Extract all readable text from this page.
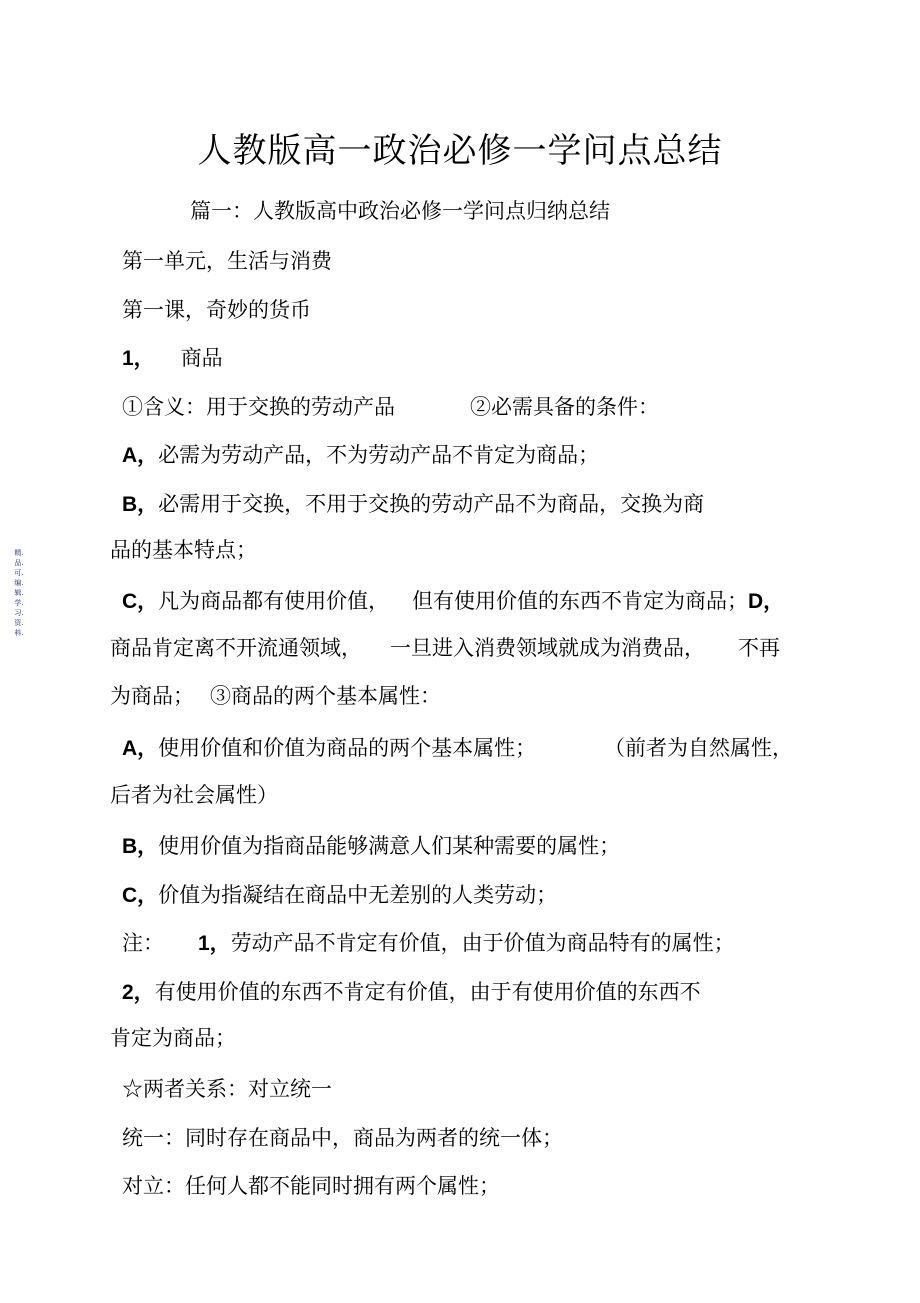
精.品.可.编.辑.学.习.资.料.
人教版高一政治必修一学问点总结
篇一：人教版高中政治必修一学问点归纳总结
第一单元，生活与消费
第一课，奇妙的货币
1， 商品
①含义：用于交换的劳动产品	②必需具备的条件：
A，必需为劳动产品，不为劳动产品不肯定为商品；
B，必需用于交换，不用于交换的劳动产品不为商品，交换为商
品的基本特点；
C，凡为商品都有使用价值， 但有使用价值的东西不肯定为商品；D，
商品肯定离不开流通领域， 一旦进入消费领域就成为消费品， 不再
为商品； ③商品的两个基本属性：
A，使用价值和价值为商品的两个基本属性；	（前者为自然属性，
后者为社会属性）
B，使用价值为指商品能够满意人们某种需要的属性；
C，价值为指凝结在商品中无差别的人类劳动；
注： 1，劳动产品不肯定有价值，由于价值为商品特有的属性；
2，有使用价值的东西不肯定有价值，由于有使用价值的东西不
肯定为商品；
☆两者关系：对立统一
统一：同时存在商品中，商品为两者的统一体；
对立：任何人都不能同时拥有两个属性；
